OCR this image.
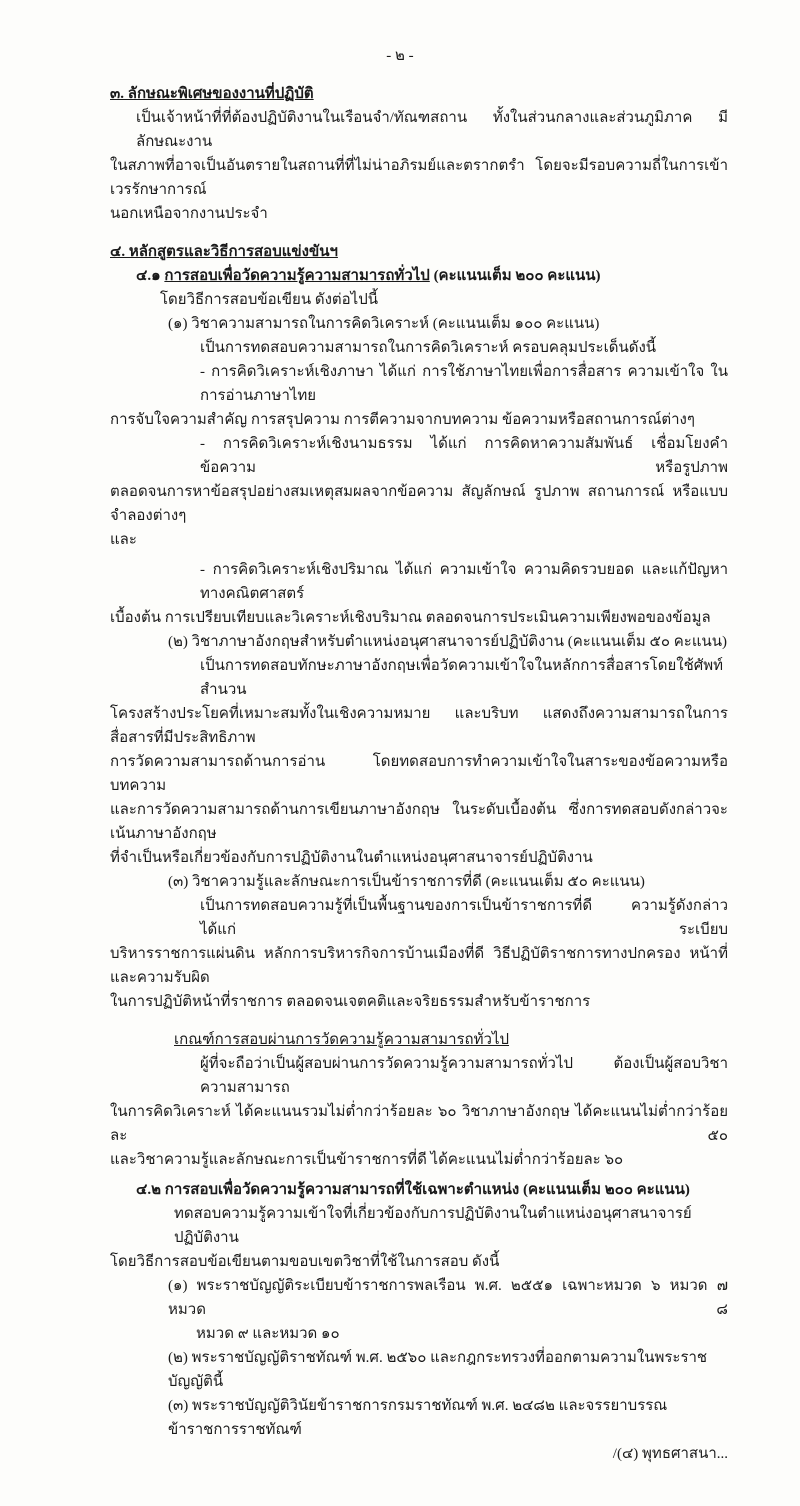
- ๒ -
๓. ลักษณะพิเศษของงานที่ปฏิบัติ
เป็นเจ้าหน้าที่ที่ต้องปฏิบัติงานในเรือนจำ/ทัณฑสถาน ทั้งในส่วนกลางและส่วนภูมิภาค มีลักษณะงาน
ในสภาพที่อาจเป็นอันตรายในสถานที่ที่ไม่น่าอภิรมย์และตรากตรำ โดยจะมีรอบความถี่ในการเข้าเวรรักษาการณ์
นอกเหนือจากงานประจำ
๔. หลักสูตรและวิธีการสอบแข่งขันฯ
๔.๑ การสอบเพื่อวัดความรู้ความสามารถทั่วไป (คะแนนเต็ม ๒๐๐ คะแนน)
โดยวิธีการสอบข้อเขียน ดังต่อไปนี้
(๑) วิชาความสามารถในการคิดวิเคราะห์ (คะแนนเต็ม ๑๐๐ คะแนน)
เป็นการทดสอบความสามารถในการคิดวิเคราะห์ ครอบคลุมประเด็นดังนี้
- การคิดวิเคราะห์เชิงภาษา ได้แก่ การใช้ภาษาไทยเพื่อการสื่อสาร ความเข้าใจ ในการอ่านภาษาไทย
การจับใจความสำคัญ การสรุปความ การตีความจากบทความ ข้อความหรือสถานการณ์ต่างๆ
- การคิดวิเคราะห์เชิงนามธรรม ได้แก่ การคิดหาความสัมพันธ์ เชื่อมโยงคำ ข้อความ หรือรูปภาพ
ตลอดจนการหาข้อสรุปอย่างสมเหตุสมผลจากข้อความ สัญลักษณ์ รูปภาพ สถานการณ์ หรือแบบจำลองต่างๆ
และ
- การคิดวิเคราะห์เชิงปริมาณ ได้แก่ ความเข้าใจ ความคิดรวบยอด และแก้ปัญหาทางคณิตศาสตร์
เบื้องต้น การเปรียบเทียบและวิเคราะห์เชิงบริมาณ ตลอดจนการประเมินความเพียงพอของข้อมูล
(๒) วิชาภาษาอังกฤษสำหรับตำแหน่งอนุศาสนาจารย์ปฏิบัติงาน (คะแนนเต็ม ๕๐ คะแนน)
เป็นการทดสอบทักษะภาษาอังกฤษเพื่อวัดความเข้าใจในหลักการสื่อสารโดยใช้ศัพท์ สำนวน
โครงสร้างประโยคที่เหมาะสมทั้งในเชิงความหมาย และบริบท แสดงถึงความสามารถในการสื่อสารที่มีประสิทธิภาพ
การวัดความสามารถด้านการอ่าน โดยทดสอบการทำความเข้าใจในสาระของข้อความหรือบทความ
และการวัดความสามารถด้านการเขียนภาษาอังกฤษ ในระดับเบื้องต้น ซึ่งการทดสอบดังกล่าวจะเน้นภาษาอังกฤษ
ที่จำเป็นหรือเกี่ยวข้องกับการปฏิบัติงานในตำแหน่งอนุศาสนาจารย์ปฏิบัติงาน
(๓) วิชาความรู้และลักษณะการเป็นข้าราชการที่ดี (คะแนนเต็ม ๕๐ คะแนน)
เป็นการทดสอบความรู้ที่เป็นพื้นฐานของการเป็นข้าราชการที่ดี ความรู้ดังกล่าว ได้แก่ ระเบียบ
บริหารราชการแผ่นดิน หลักการบริหารกิจการบ้านเมืองที่ดี วิธีปฏิบัติราชการทางปกครอง หน้าที่และความรับผิด
ในการปฏิบัติหน้าที่ราชการ ตลอดจนเจตคติและจริยธรรมสำหรับข้าราชการ
เกณฑ์การสอบผ่านการวัดความรู้ความสามารถทั่วไป
ผู้ที่จะถือว่าเป็นผู้สอบผ่านการวัดความรู้ความสามารถทั่วไป ต้องเป็นผู้สอบวิชาความสามารถ
ในการคิดวิเคราะห์ ได้คะแนนรวมไม่ต่ำกว่าร้อยละ ๖๐ วิชาภาษาอังกฤษ ได้คะแนนไม่ต่ำกว่าร้อยละ ๕๐
และวิชาความรู้และลักษณะการเป็นข้าราชการที่ดี ได้คะแนนไม่ต่ำกว่าร้อยละ ๖๐
๔.๒ การสอบเพื่อวัดความรู้ความสามารถที่ใช้เฉพาะตำแหน่ง (คะแนนเต็ม ๒๐๐ คะแนน)
ทดสอบความรู้ความเข้าใจที่เกี่ยวข้องกับการปฏิบัติงานในตำแหน่งอนุศาสนาจารย์ปฏิบัติงาน
โดยวิธีการสอบข้อเขียนตามขอบเขตวิชาที่ใช้ในการสอบ ดังนี้
(๑) พระราชบัญญัติระเบียบข้าราชการพลเรือน พ.ศ. ๒๕๕๑ เฉพาะหมวด ๖ หมวด ๗ หมวด ๘
หมวด ๙ และหมวด ๑๐
(๒) พระราชบัญญัติราชทัณฑ์ พ.ศ. ๒๕๖๐ และกฎกระทรวงที่ออกตามความในพระราชบัญญัตินี้
(๓) พระราชบัญญัติวินัยข้าราชการกรมราชทัณฑ์ พ.ศ. ๒๔๘๒ และจรรยาบรรณข้าราชการราชทัณฑ์
/(๔) พุทธศาสนา...
